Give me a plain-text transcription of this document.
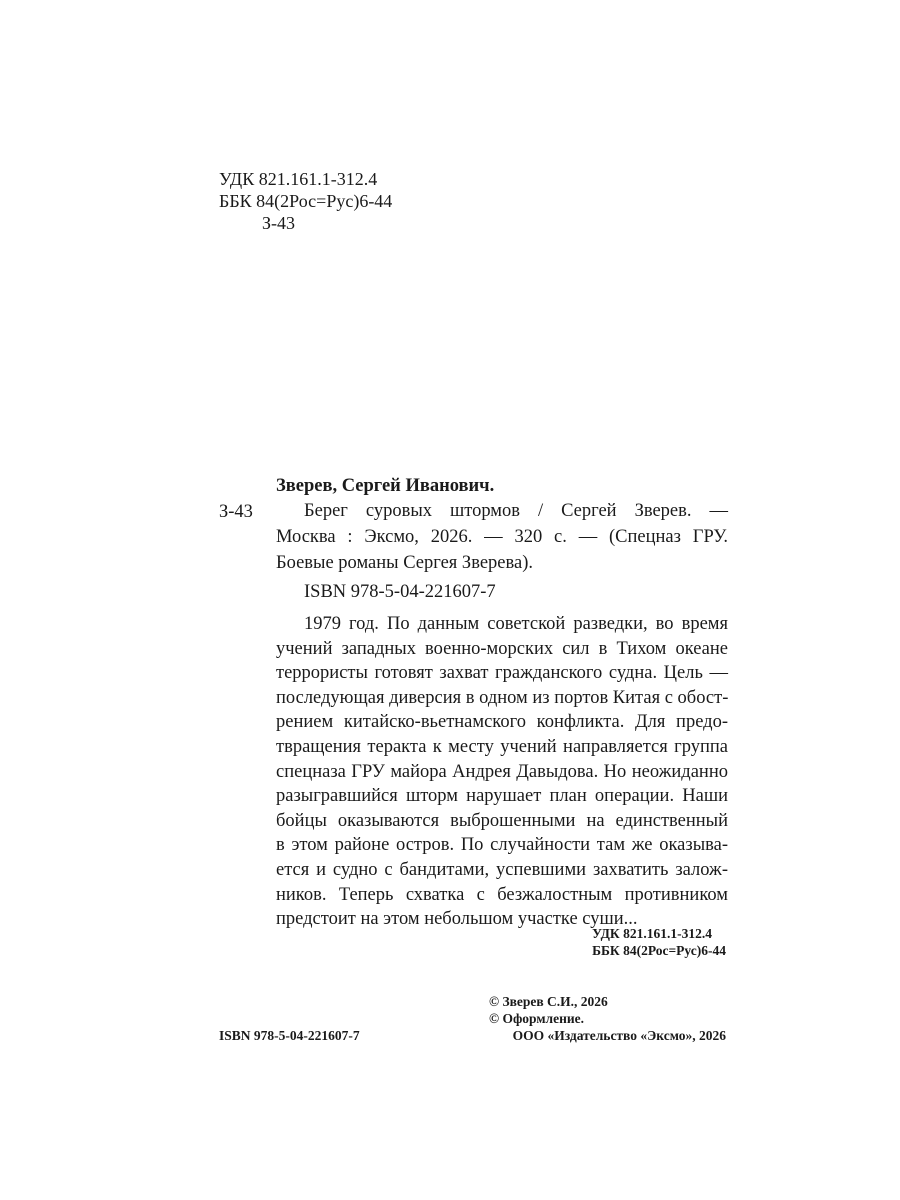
УДК 821.161.1-312.4
ББК 84(2Рос=Рус)6-44
З-43
Зверев, Сергей Иванович.
З-43	Берег суровых штормов / Сергей Зверев. —
Москва : Эксмо, 2026. — 320 с. — (Спецназ ГРУ.
Боевые романы Сергея Зверева).
ISBN 978-5-04-221607-7
1979 год. По данным советской разведки, во время
учений западных военно-морских сил в Тихом океане
террористы готовят захват гражданского судна. Цель —
последующая диверсия в одном из портов Китая с обост-
рением китайско-вьетнамского конфликта. Для предо-
твращения теракта к месту учений направляется группа
спецназа ГРУ майора Андрея Давыдова. Но неожиданно
разыгравшийся шторм нарушает план операции. Наши
бойцы оказываются выброшенными на единственный
в этом районе остров. По случайности там же оказыва-
ется и судно с бандитами, успевшими захватить залож-
ников. Теперь схватка с безжалостным противником
предстоит на этом небольшом участке суши...
УДК 821.161.1-312.4
ББК 84(2Рос=Рус)6-44
© Зверев С.И., 2026
© Оформление.
ООО «Издательство «Эксмо», 2026
ISBN 978-5-04-221607-7
